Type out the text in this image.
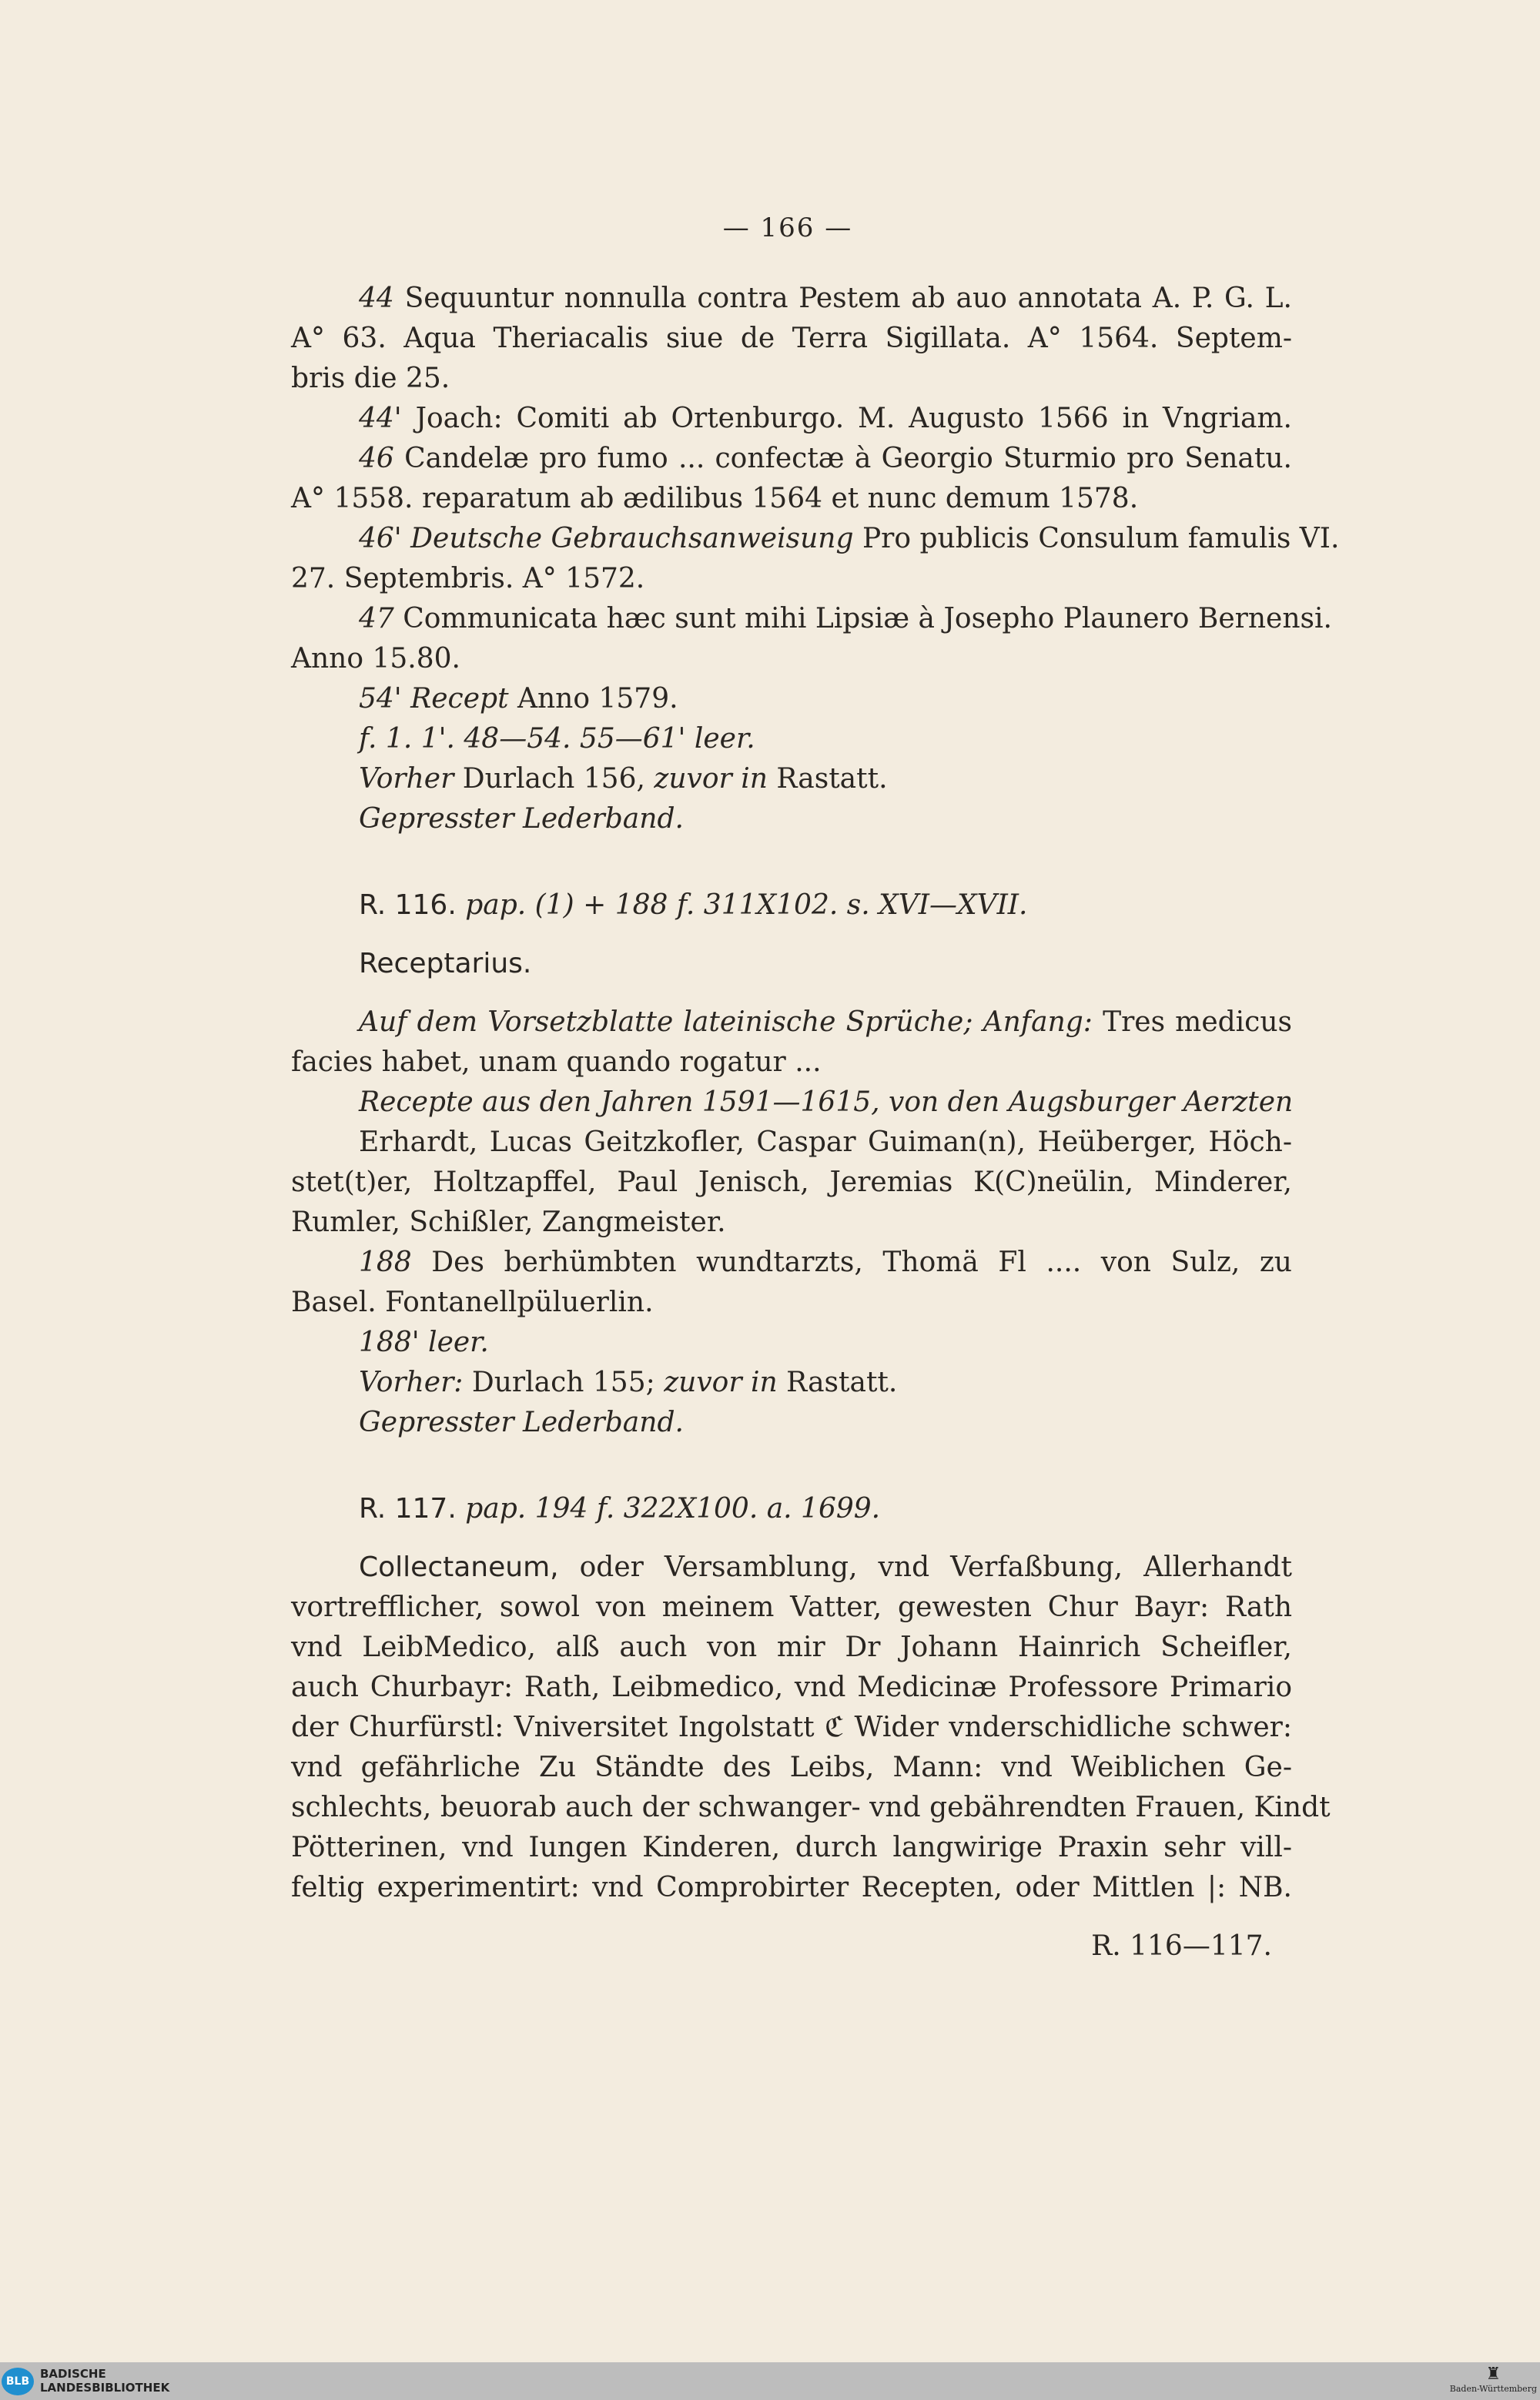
— 166 —
44 Sequuntur nonnulla contra Pestem ab auo annotata A. P. G. L.
A° 63. Aqua Theriacalis siue de Terra Sigillata. A° 1564. Septem-
bris die 25.
44' Joach: Comiti ab Ortenburgo. M. Augusto 1566 in Vngriam.
46 Candelæ pro fumo ... confectæ à Georgio Sturmio pro Senatu.
A° 1558. reparatum ab ædilibus 1564 et nunc demum 1578.
46' Deutsche Gebrauchsanweisung Pro publicis Consulum famulis VI.
27. Septembris. A° 1572.
47 Communicata hæc sunt mihi Lipsiæ à Josepho Plaunero Bernensi.
Anno 15.80.
54' Recept Anno 1579.
f. 1. 1'. 48—54. 55—61' leer.
Vorher Durlach 156, zuvor in Rastatt.
Gepresster Lederband.
R. 116. pap. (1) + 188 f. 311X102. s. XVI—XVII.
Receptarius.
Auf dem Vorsetzblatte lateinische Sprüche; Anfang: Tres medicus
facies habet, unam quando rogatur ...
Recepte aus den Jahren 1591—1615, von den Augsburger Aerzten
Erhardt, Lucas Geitzkofler, Caspar Guiman(n), Heüberger, Höch-
stet(t)er, Holtzapffel, Paul Jenisch, Jeremias K(C)neülin, Minderer,
Rumler, Schißler, Zangmeister.
188 Des berhümbten wundtarzts, Thomä Fl .... von Sulz, zu
Basel. Fontanellpüluerlin.
188' leer.
Vorher: Durlach 155; zuvor in Rastatt.
Gepresster Lederband.
R. 117. pap. 194 f. 322X100. a. 1699.
Collectaneum, oder Versamblung, vnd Verfaßbung, Allerhandt
vortrefflicher, sowol von meinem Vatter, gewesten Chur Bayr: Rath
vnd LeibMedico, alß auch von mir Dr Johann Hainrich Scheifler,
auch Churbayr: Rath, Leibmedico, vnd Medicinæ Professore Primario
der Churfürstl: Vniversitet Ingolstatt ℭ Wider vnderschidliche schwer:
vnd gefährliche Zu Ständte des Leibs, Mann: vnd Weiblichen Ge-
schlechts, beuorab auch der schwanger- vnd gebährendten Frauen, Kindt
Pötterinen, vnd Iungen Kinderen, durch langwirige Praxin sehr vill-
feltig experimentirt: vnd Comprobirter Recepten, oder Mittlen |: NB.
R. 116—117.
BLB
BADISCHE
LANDESBIBLIOTHEK
♜
Baden-Württemberg
